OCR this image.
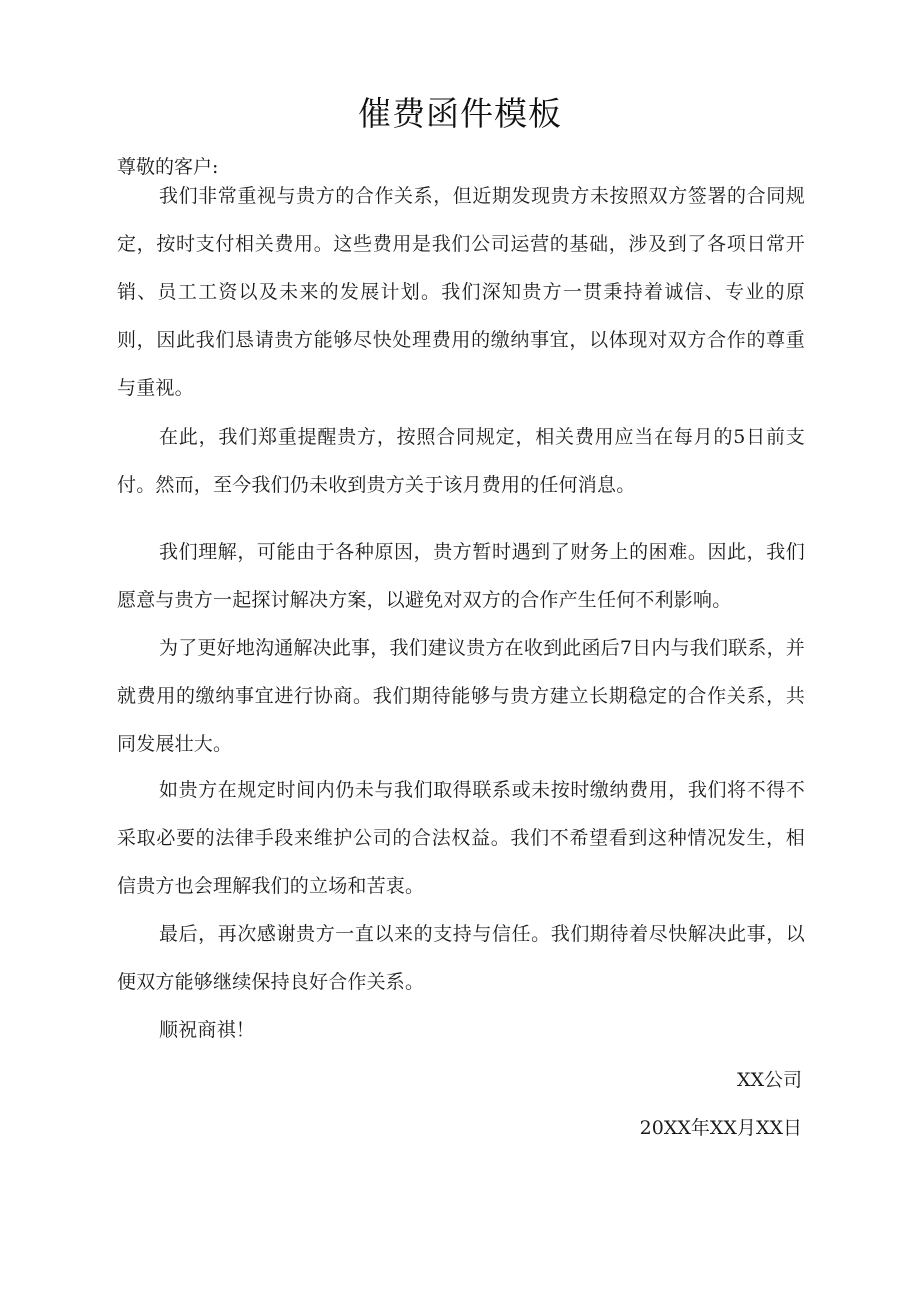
催费函件模板
尊敬的客户:

我们非常重视与贵方的合作关系，但近期发现贵方未按照双方签署的合同规定，按时支付相关费用。这些费用是我们公司运营的基础，涉及到了各项日常开销、员工工资以及未来的发展计划。我们深知贵方一贯秉持着诚信、专业的原则，因此我们恳请贵方能够尽快处理费用的缴纳事宜，以体现对双方合作的尊重与重视。

在此，我们郑重提醒贵方，按照合同规定，相关费用应当在每月的5日前支付。然而，至今我们仍未收到贵方关于该月费用的任何消息。

我们理解，可能由于各种原因，贵方暂时遇到了财务上的困难。因此，我们愿意与贵方一起探讨解决方案，以避免对双方的合作产生任何不利影响。

为了更好地沟通解决此事，我们建议贵方在收到此函后7日内与我们联系，并就费用的缴纳事宜进行协商。我们期待能够与贵方建立长期稳定的合作关系，共同发展壮大。

如贵方在规定时间内仍未与我们取得联系或未按时缴纳费用，我们将不得不采取必要的法律手段来维护公司的合法权益。我们不希望看到这种情况发生，相信贵方也会理解我们的立场和苦衷。

最后，再次感谢贵方一直以来的支持与信任。我们期待着尽快解决此事，以便双方能够继续保持良好合作关系。

顺祝商祺！

XX公司
20XX年XX月XX日
